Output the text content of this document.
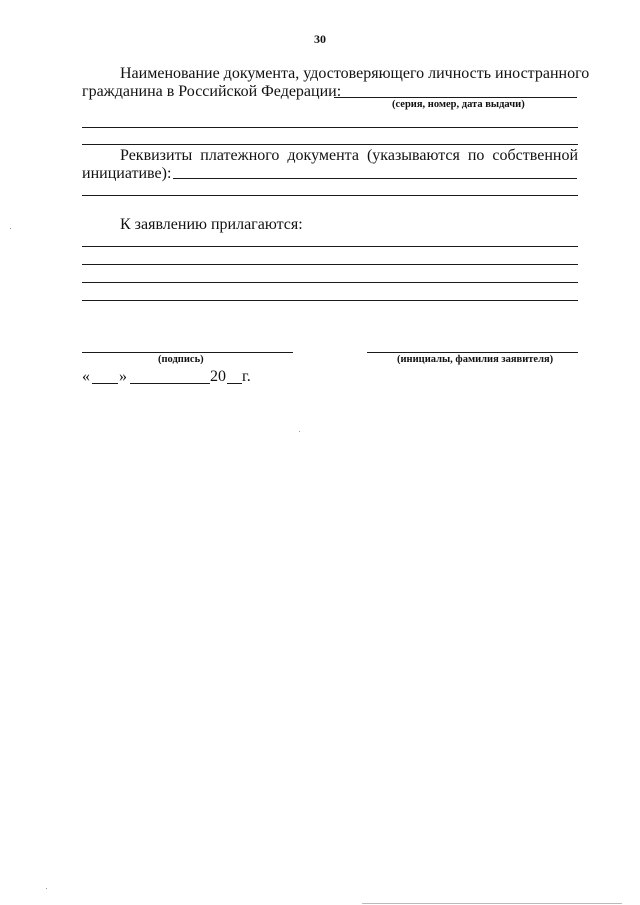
30
Наименование документа, удостоверяющего личность иностранного
гражданина в Российской Федерации:
(серия, номер, дата выдачи)
Реквизиты платежного документа (указываются по собственной
инициативе):
К заявлению прилагаются:
(подпись)	(инициалы, фамилия заявителя)
« »	20 г.
